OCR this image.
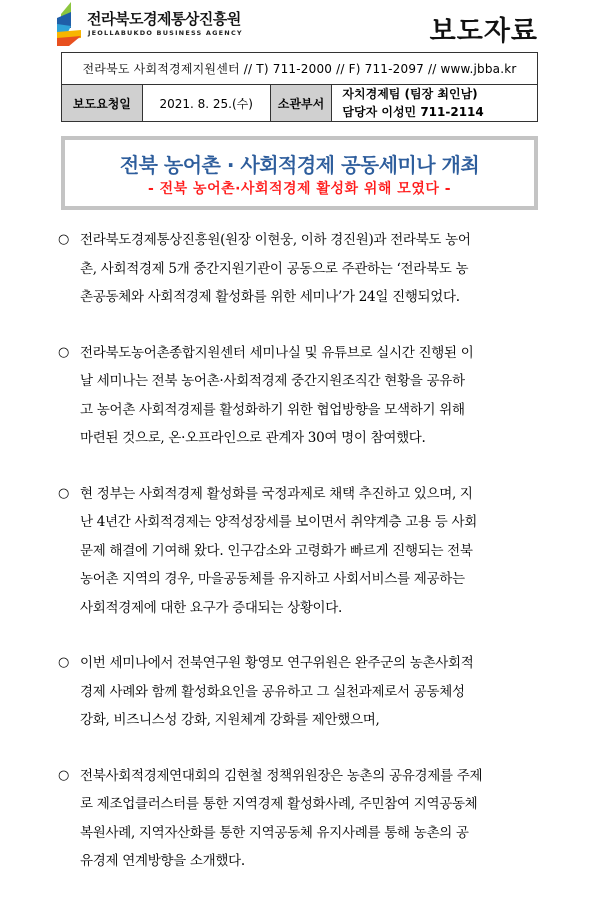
전라북도경제통상진흥원
JEOLLABUKDO BUSINESS AGENCY	보도자료
전라북도 사회적경제지원센터 // T) 711-2000 // F) 711-2097 // www.jbba.kr
보도요청일	2021. 8. 25.(수)	소관부서	
자치경제팀 (팀장 최인남)
담당자 이성민 711-2114
전북 농어촌 · 사회적경제 공동세미나 개최
- 전북 농어촌·사회적경제 활성화 위해 모였다 -
○ 전라북도경제통상진흥원(원장 이현웅, 이하 경진원)과 전라북도 농어
촌, 사회적경제 5개 중간지원기관이 공동으로 주관하는 ‘전라북도 농
촌공동체와 사회적경제 활성화를 위한 세미나’가 24일 진행되었다.
○ 전라북도농어촌종합지원센터 세미나실 및 유튜브로 실시간 진행된 이
날 세미나는 전북 농어촌·사회적경제 중간지원조직간 현황을 공유하
고 농어촌 사회적경제를 활성화하기 위한 협업방향을 모색하기 위해
마련된 것으로, 온·오프라인으로 관계자 30여 명이 참여했다.
○ 현 정부는 사회적경제 활성화를 국정과제로 채택 추진하고 있으며, 지
난 4년간 사회적경제는 양적성장세를 보이면서 취약계층 고용 등 사회
문제 해결에 기여해 왔다. 인구감소와 고령화가 빠르게 진행되는 전북
농어촌 지역의 경우, 마을공동체를 유지하고 사회서비스를 제공하는
사회적경제에 대한 요구가 증대되는 상황이다.
○ 이번 세미나에서 전북연구원 황영모 연구위원은 완주군의 농촌사회적
경제 사례와 함께 활성화요인을 공유하고 그 실천과제로서 공동체성
강화, 비즈니스성 강화, 지원체계 강화를 제안했으며,
○ 전북사회적경제연대회의 김현철 정책위원장은 농촌의 공유경제를 주제
로 제조업클러스터를 통한 지역경제 활성화사례, 주민참여 지역공동체
복원사례, 지역자산화를 통한 지역공동체 유지사례를 통해 농촌의 공
유경제 연계방향을 소개했다.
